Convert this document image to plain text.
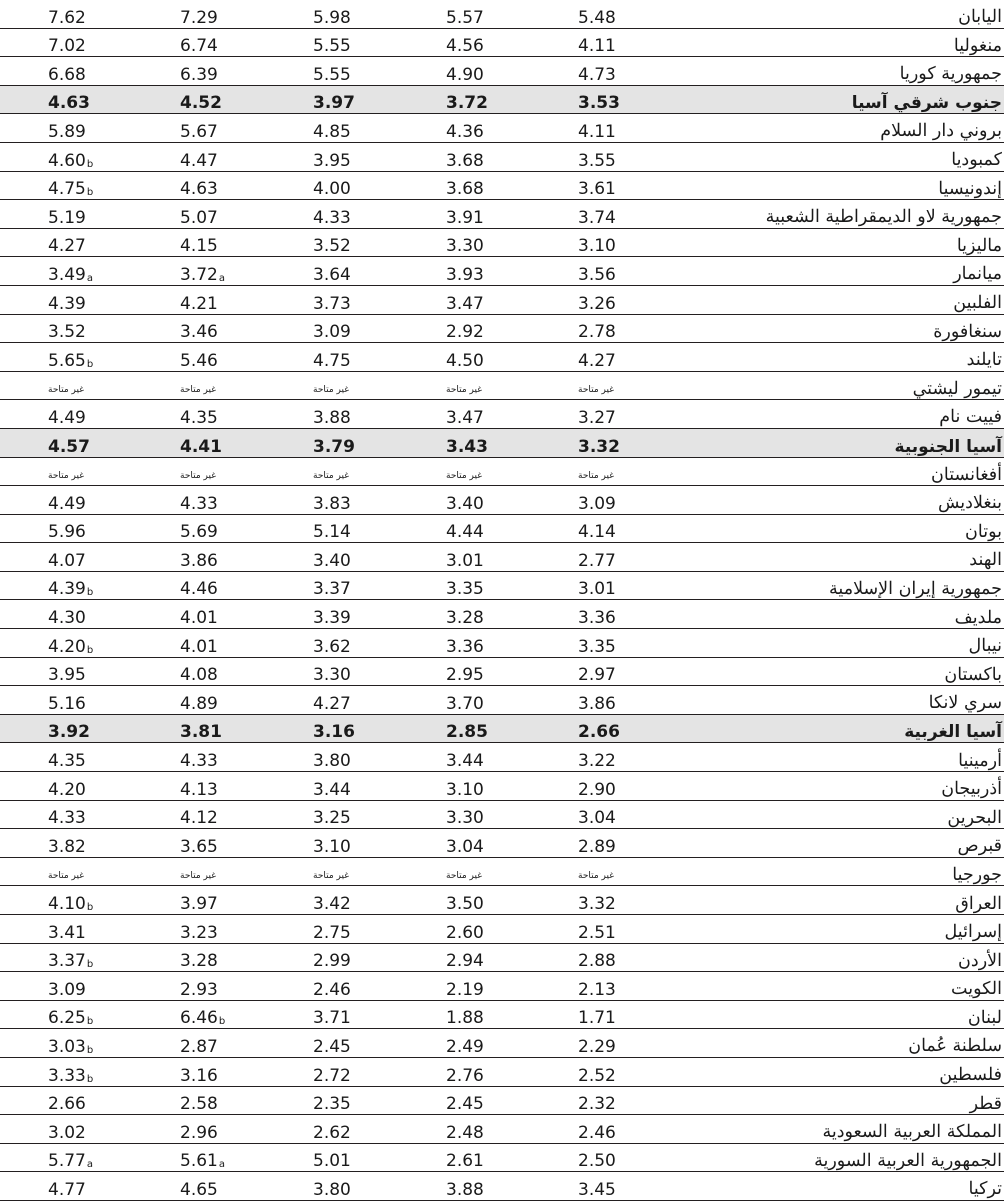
اليابان
7.62	7.29	5.98	5.57	5.48
منغوليا
7.02	6.74	5.55	4.56	4.11
جمهورية كوريا
6.68	6.39	5.55	4.90	4.73
جنوب شرقي آسيا
4.63	4.52	3.97	3.72	3.53
بروني دار السلام
5.89	5.67	4.85	4.36	4.11
كمبوديا
$4.60_b$	4.47	3.95	3.68	3.55
إندونيسيا
$4.75_b$	4.63	4.00	3.68	3.61
جمهورية لاو الديمقراطية الشعبية
5.19	5.07	4.33	3.91	3.74
ماليزيا
4.27	4.15	3.52	3.30	3.10
ميانمار
$3.49_a$	$3.72_a$	3.64	3.93	3.56
الفلبين
4.39	4.21	3.73	3.47	3.26
سنغافورة
3.52	3.46	3.09	2.92	2.78
تايلند
$5.65_b$	5.46	4.75	4.50	4.27
تيمور ليشتي
غير متاحة	غير متاحة	غير متاحة	غير متاحة	غير متاحة
فييت نام
4.49	4.35	3.88	3.47	3.27
آسيا الجنوبية
4.57	4.41	3.79	3.43	3.32
أفغانستان
غير متاحة	غير متاحة	غير متاحة	غير متاحة	غير متاحة
بنغلاديش
4.49	4.33	3.83	3.40	3.09
بوتان
5.96	5.69	5.14	4.44	4.14
الهند
4.07	3.86	3.40	3.01	2.77
جمهورية إيران الإسلامية
$4.39_b$	4.46	3.37	3.35	3.01
ملديف
4.30	4.01	3.39	3.28	3.36
نيبال
$4.20_b$	4.01	3.62	3.36	3.35
باكستان
3.95	4.08	3.30	2.95	2.97
سري لانكا
5.16	4.89	4.27	3.70	3.86
آسيا الغربية
3.92	3.81	3.16	2.85	2.66
أرمينيا
4.35	4.33	3.80	3.44	3.22
أذربيجان
4.20	4.13	3.44	3.10	2.90
البحرين
4.33	4.12	3.25	3.30	3.04
قبرص
3.82	3.65	3.10	3.04	2.89
جورجيا
غير متاحة	غير متاحة	غير متاحة	غير متاحة	غير متاحة
العراق
$4.10_b$	3.97	3.42	3.50	3.32
إسرائيل
3.41	3.23	2.75	2.60	2.51
الأردن
$3.37_b$	3.28	2.99	2.94	2.88
الكويت
3.09	2.93	2.46	2.19	2.13
لبنان
$6.25_b$	$6.46_b$	3.71	1.88	1.71
سلطنة عُمان
$3.03_b$	2.87	2.45	2.49	2.29
فلسطين
$3.33_b$	3.16	2.72	2.76	2.52
قطر
2.66	2.58	2.35	2.45	2.32
المملكة العربية السعودية
3.02	2.96	2.62	2.48	2.46
الجمهورية العربية السورية
$5.77_a$	$5.61_a$	5.01	2.61	2.50
تركيا
4.77	4.65	3.80	3.88	3.45
